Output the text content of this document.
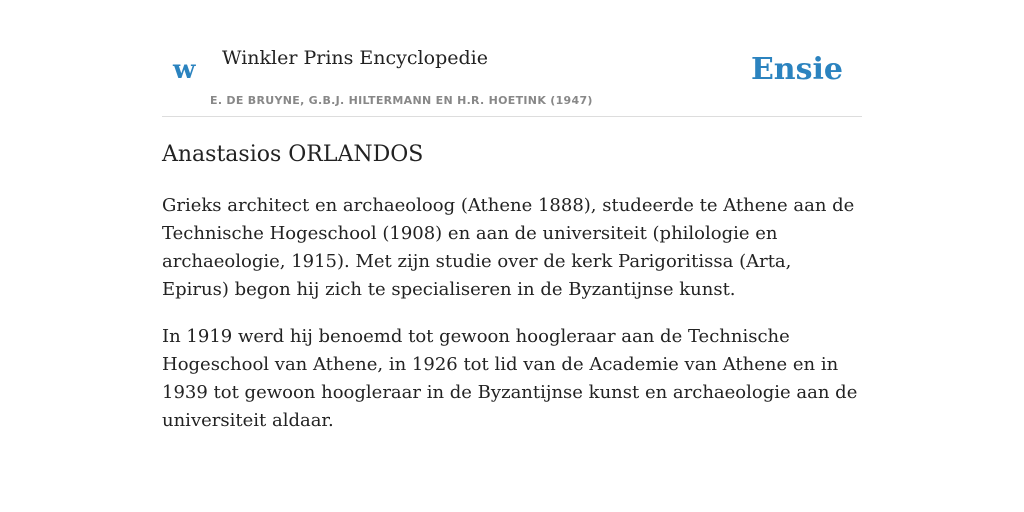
w Winkler Prins Encyclopedie
E. DE BRUYNE, G.B.J. HILTERMANN EN H.R. HOETINK (1947)
Ensie
Anastasios ORLANDOS

Grieks architect en archaeoloog (Athene 1888), studeerde te Athene aan de Technische Hogeschool (1908) en aan de universiteit (philologie en archaeologie, 1915). Met zijn studie over de kerk Parigoritissa (Arta, Epirus) begon hij zich te specialiseren in de Byzantijnse kunst.

In 1919 werd hij benoemd tot gewoon hoogleraar aan de Technische Hogeschool van Athene, in 1926 tot lid van de Academie van Athene en in 1939 tot gewoon hoogleraar in de Byzantijnse kunst en archaeologie aan de universiteit aldaar.
